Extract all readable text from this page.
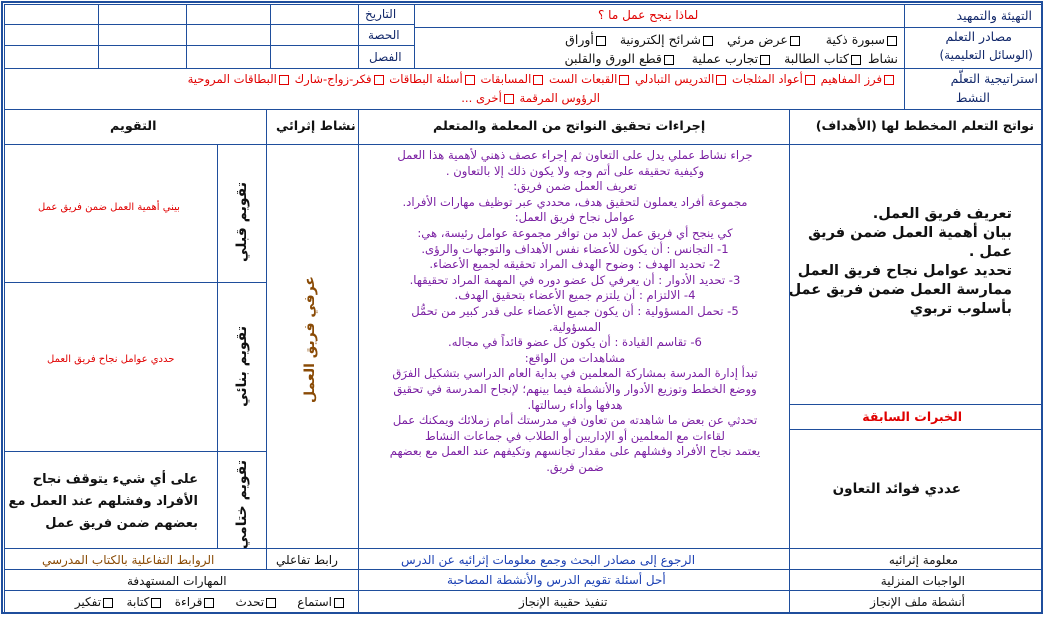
التهيئة والتمهيد
لماذا ينجح عمل ما ؟
مصادر التعلم
(الوسائل التعليمية)
سبورة ذكية      عرض مرئي   شرائح إلكترونية   أوراق
نشاط
كتاب الطالبة   تجارب عملية    قطع الورق والقلبن
التاريخ
الحصة
الفصل
استراتيجية التعلّم
النشط
فرز المفاهيم أعواد المثلجات التدريس التبادلي القبعات الست المسابقات أسئلة البطاقات فكر-زواج-شارك البطاقات المروحية
الرؤوس المرقمة أخرى ...
نواتج التعلم المخطط لها (الأهداف)
إجراءات تحقيق النواتج من المعلمة والمتعلم
نشاط إثرائي
التقويم
تعريف فريق العمل.
بيان أهمية العمل ضمن فريق
عمل .
تحديد عوامل نجاح فريق العمل
ممارسة العمل ضمن فريق عمل
بأسلوب تربوي
الخبرات السابقة
عددي فوائد التعاون
جراء نشاط عملي يدل على التعاون ثم إجراء عصف ذهني لأهمية هذا العمل
وكيفية تحقيقه على أتم وجه ولا يكون ذلك إلا بالتعاون .
تعريف العمل ضمن فريق:
مجموعة أفراد يعملون لتحقيق هدف، محددي عبر توظيف مهارات الأفراد.
عوامل نجاح فريق العمل:
كي ينجح أي فريق عمل لابد من توافر مجموعة عوامل رئيسة، هي:
1- التجانس : أن يكون للأعضاء نفس الأهداف والتوجهات والرؤى.
2- تحديد الهدف : وضوح الهدف المراد تحقيقه لجميع الأعضاء.
3- تحديد الأدوار : أن يعرفي كل عضو دوره في المهمة المراد تحقيقها.
4- الالتزام : أن يلتزم جميع الأعضاء بتحقيق الهدف.
5- تحمل المسؤولية : أن يكون جميع الأعضاء على قدر كبير من تحمُّل
المسؤولية.
6- تقاسم القيادة : أن يكون كل عضو قائداً في مجاله.
مشاهدات من الواقع:
تبدأ إدارة المدرسة بمشاركة المعلمين في بداية العام الدراسي بتشكيل الفرَق
ووضع الخطط وتوزيع الأدوار والأنشطة فيما بينهم؛ لإنجاح المدرسة في تحقيق
هدفها وأداء رسالتها.
تحدثي عن بعض ما شاهدته من تعاون في مدرستك أمام زملائك ويمكنك عمل
لقاءات مع المعلمين أو الإداريين أو الطلاب في جماعات النشاط
يعتمد نجاح الأفراد وفشلهم على مقدار تجانسهم وتكيفهم عند العمل مع بعضهم
ضمن فريق.
عرفي فريق العمل
تقويم قبلي
بيني أهمية العمل ضمن فريق عمل
تقويم بنائي
حددي عوامل نجاح فريق العمل
تقويم ختامي
على أي شيء يتوقف نجاح
الأفراد وفشلهم عند العمل مع
بعضهم ضمن فريق عمل
معلومة إثرائيه
الرجوع إلى مصادر البحث وجمع معلومات إثرائيه عن الدرس
رابط تفاعلي
الروابط التفاعلية بالكتاب المدرسي
الواجبات المنزلية
أحل أسئلة تقويم الدرس والأنشطة المصاحبة
المهارات المستهدفة
أنشطة ملف الإنجاز
تنفيذ حقيبة الإنجاز
استماع     تحدث     قراءة   كتابة   تفكير
